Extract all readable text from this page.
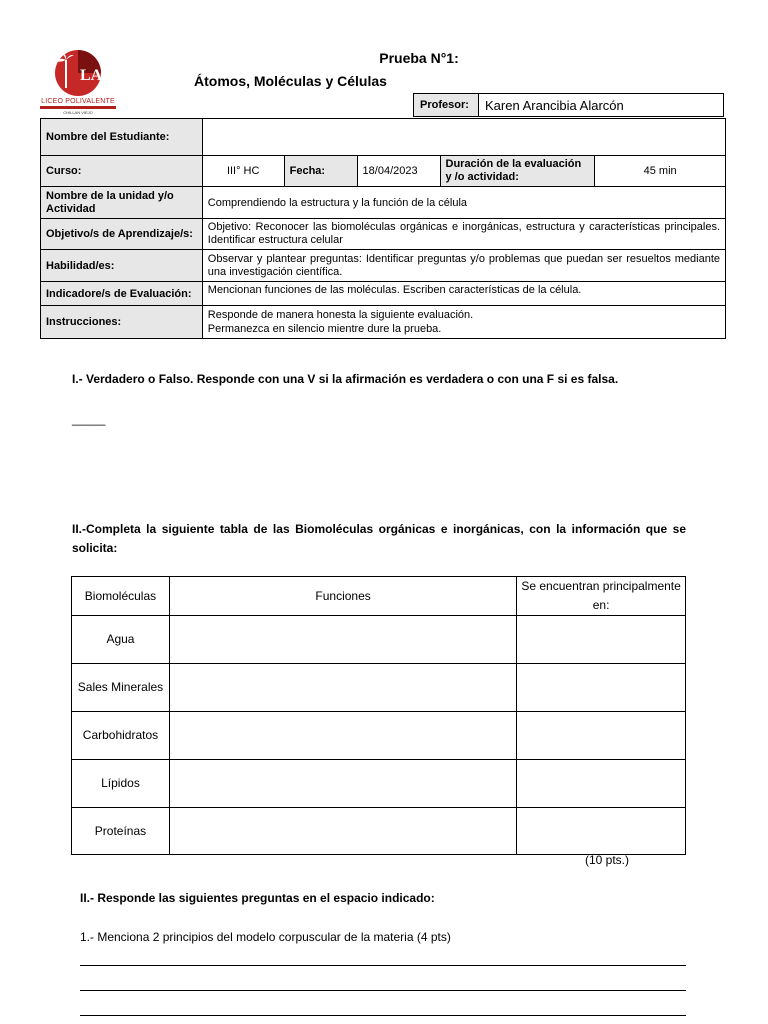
LA
LICEO POLIVALENTE
CHILLAN VIEJO
Prueba N°1:
Átomos, Moléculas y Células
Profesor:	Karen Arancibia Alarcón
Nombre del Estudiante:					
Curso:	III° HC	Fecha:	18/04/2023	Duración de la evaluación y /o actividad:	45 min
Nombre de la unidad y/o Actividad	Comprendiendo la estructura y la función de la célula				
Objetivo/s de Aprendizaje/s:	Objetivo: Reconocer las biomoléculas orgánicas e inorgánicas, estructura y características principales. Identificar estructura celular				
Habilidad/es:	Observar y plantear preguntas: Identificar preguntas y/o problemas que puedan ser resueltos mediante una investigación científica.				
Indicadore/s de Evaluación:	Mencionan funciones de las moléculas. Escriben características de la célula.				
Instrucciones:	Responde de manera honesta la siguiente evaluación.
Permanezca en silencio mientre dure la prueba.				
I.- Verdadero o Falso. Responde con una V si la afirmación es verdadera o con una F si es falsa.
_____
II.-Completa la siguiente tabla de las Biomoléculas orgánicas e inorgánicas, con la información que se solicita:
Biomoléculas	Funciones	Se encuentran principalmente en:
Agua		
Sales Minerales		
Carbohidratos		
Lípidos		
Proteínas		
(10 pts.)
II.- Responde las siguientes preguntas en el espacio indicado:
1.- Menciona 2 principios del modelo corpuscular de la materia (4 pts)
